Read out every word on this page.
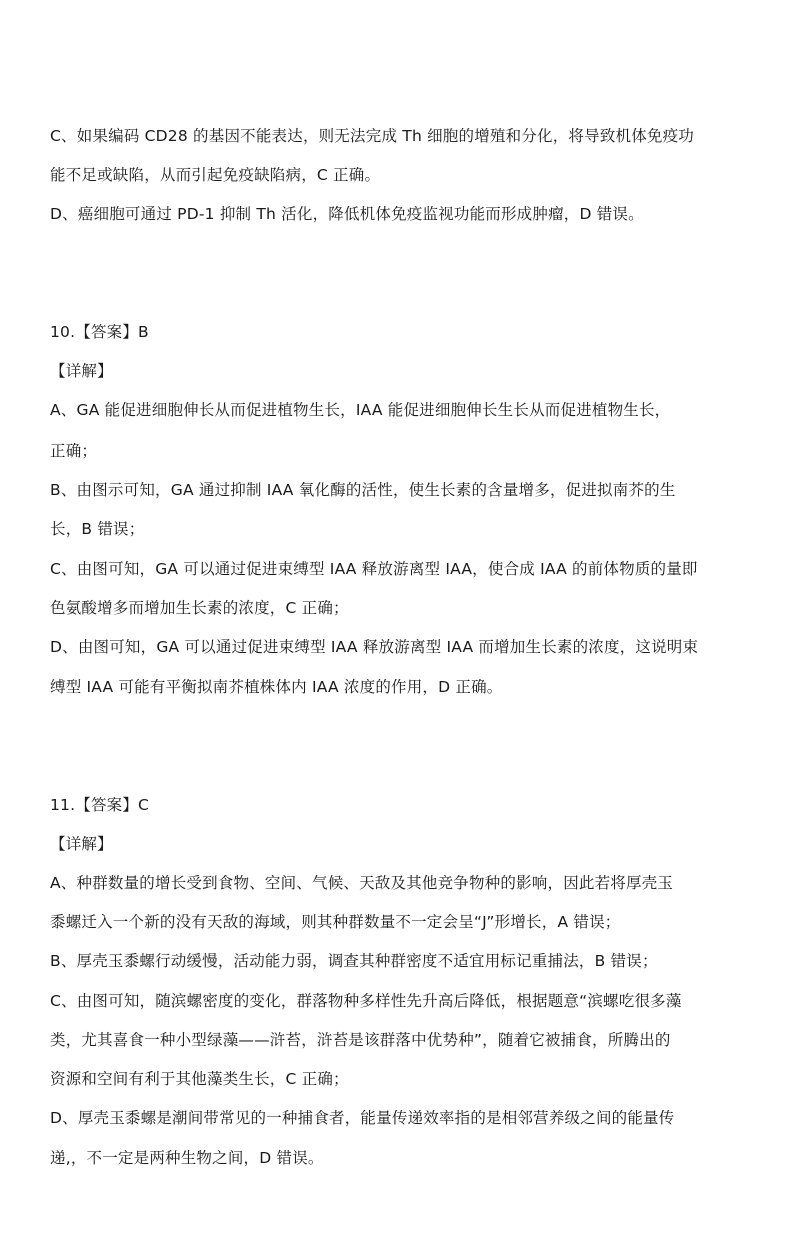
C、如果编码 CD28 的基因不能表达，则无法完成 Th 细胞的增殖和分化，将导致机体免疫功
能不足或缺陷，从而引起免疫缺陷病，C 正确。
D、癌细胞可通过 PD-1 抑制 Th 活化，降低机体免疫监视功能而形成肿瘤，D 错误。
10.【答案】B
【详解】
A、GA 能促进细胞伸长从而促进植物生长，IAA 能促进细胞伸长生长从而促进植物生长，
正确；
B、由图示可知，GA 通过抑制 IAA 氧化酶的活性，使生长素的含量增多，促进拟南芥的生
长，B 错误；
C、由图可知，GA 可以通过促进束缚型 IAA 释放游离型 IAA，使合成 IAA 的前体物质的量即
色氨酸增多而增加生长素的浓度，C 正确；
D、由图可知，GA 可以通过促进束缚型 IAA 释放游离型 IAA 而增加生长素的浓度，这说明束
缚型 IAA 可能有平衡拟南芥植株体内 IAA 浓度的作用，D 正确。
11.【答案】C
【详解】
A、种群数量的增长受到食物、空间、气候、天敌及其他竞争物种的影响，因此若将厚壳玉
黍螺迁入一个新的没有天敌的海域，则其种群数量不一定会呈“J”形增长，A 错误；
B、厚壳玉黍螺行动缓慢，活动能力弱，调查其种群密度不适宜用标记重捕法，B 错误；
C、由图可知，随滨螺密度的变化，群落物种多样性先升高后降低，根据题意“滨螺吃很多藻
类，尤其喜食一种小型绿藻——浒苔，浒苔是该群落中优势种”，随着它被捕食，所腾出的
资源和空间有利于其他藻类生长，C 正确；
D、厚壳玉黍螺是潮间带常见的一种捕食者，能量传递效率指的是相邻营养级之间的能量传
递,，不一定是两种生物之间，D 错误。
